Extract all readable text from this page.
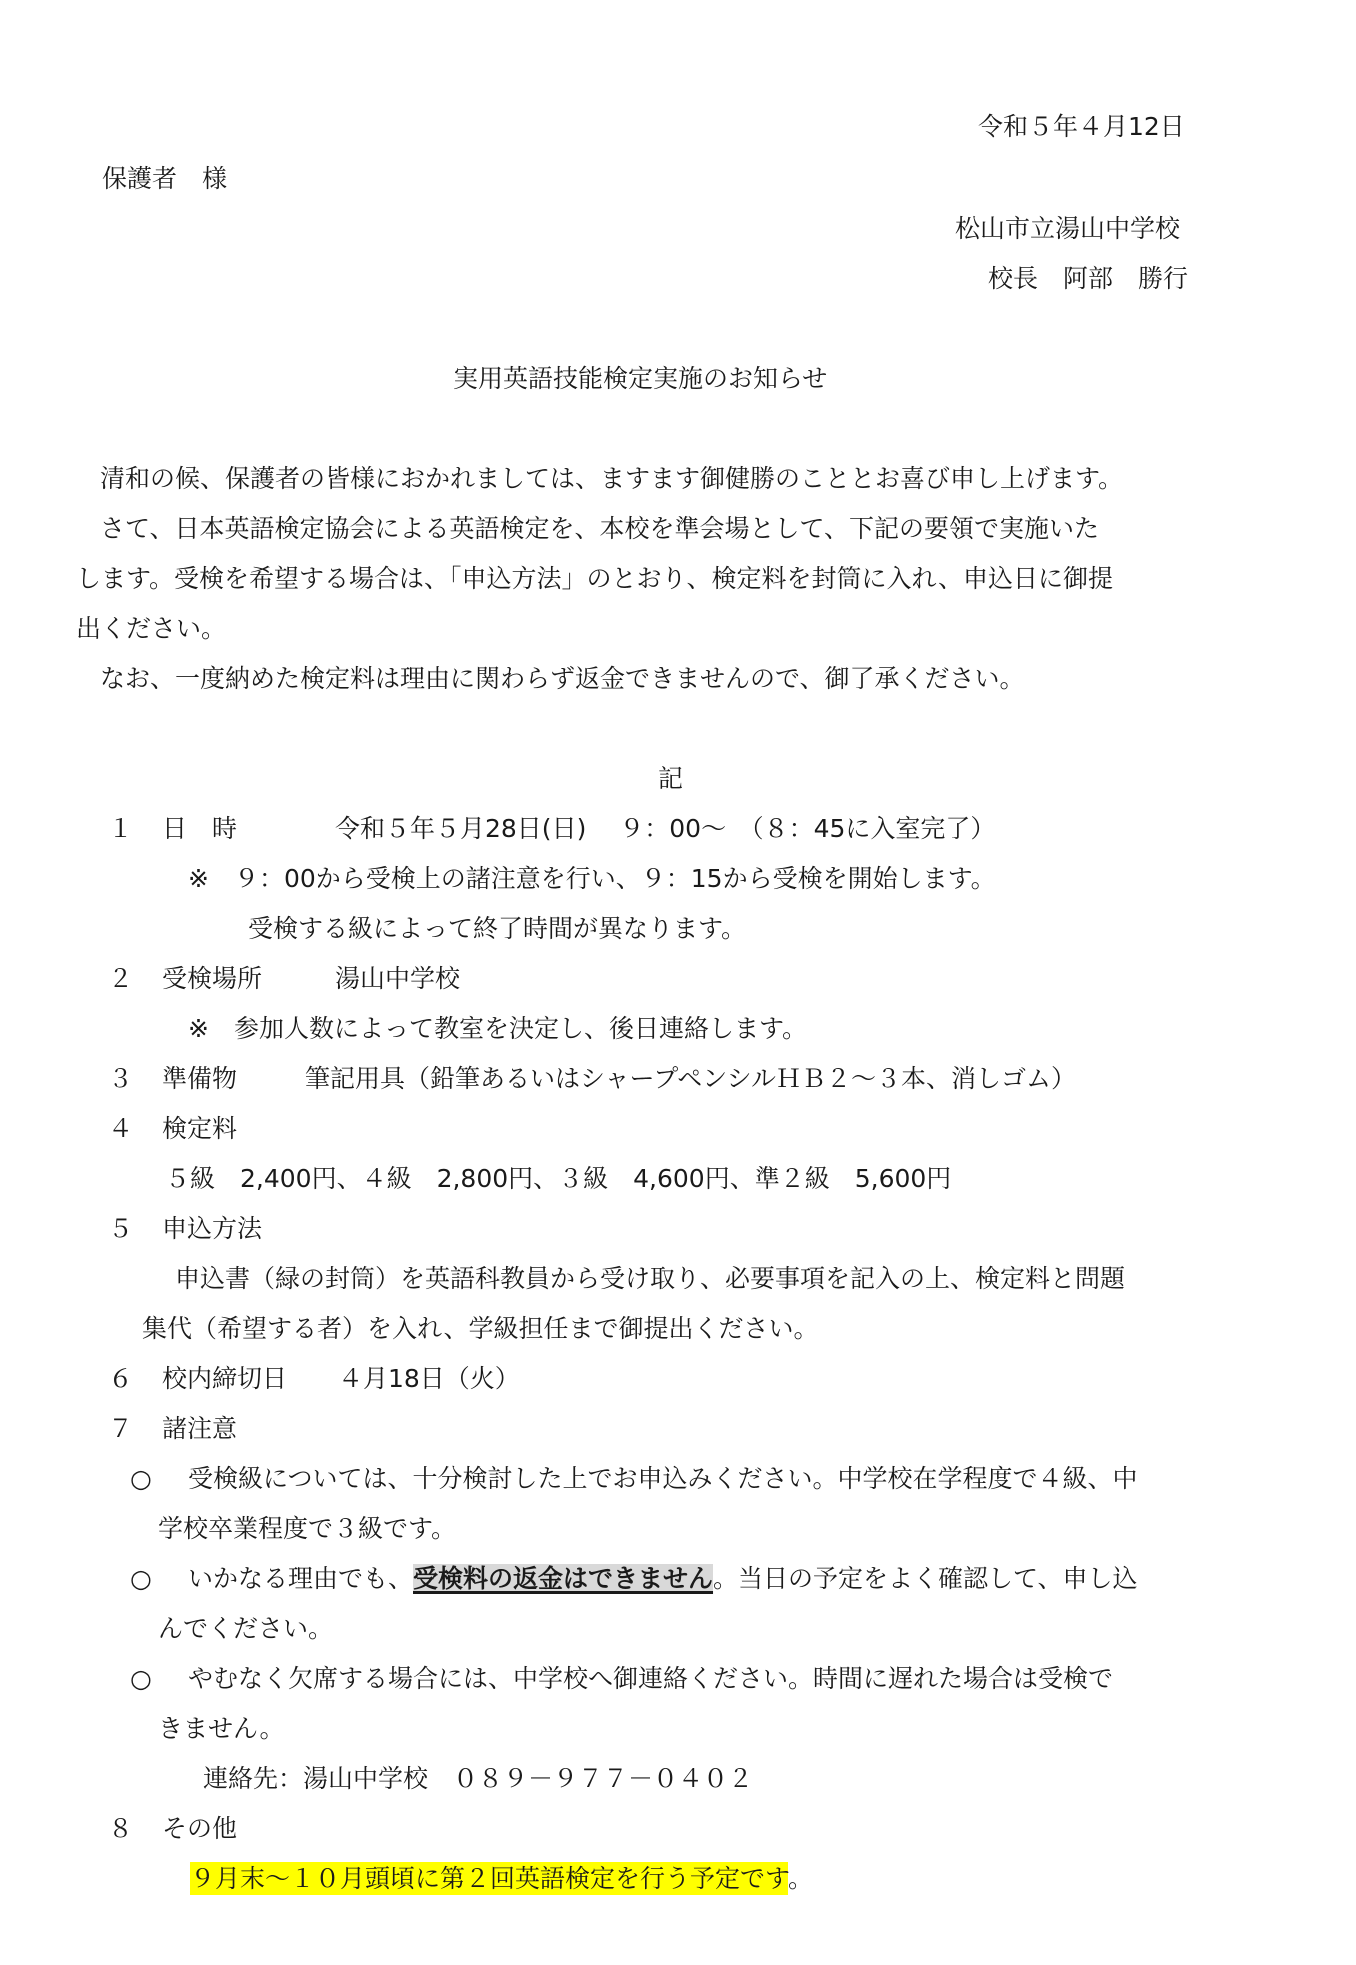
令和５年４月12日

保護者　様

松山市立湯山中学校

校長　阿部　勝行

実用英語技能検定実施のお知らせ

清和の候、保護者の皆様におかれましては、ますます御健勝のこととお喜び申し上げます。

さて、日本英語検定協会による英語検定を、本校を準会場として、下記の要領で実施いた

します。受検を希望する場合は、「申込方法」のとおり、検定料を封筒に入れ、申込日に御提

出ください。

なお、一度納めた検定料は理由に関わらず返金できませんので、御了承ください。

記

１ 日　時	令和５年５月28日(日)　 ９：00～　（８：45に入室完了）

※　９：00から受検上の諸注意を行い、９：15から受検を開始します。

受検する級によって終了時間が異なります。

２ 受検場所	湯山中学校

※　参加人数によって教室を決定し、後日連絡します。

３ 準備物	筆記用具（鉛筆あるいはシャープペンシルＨＢ２～３本、消しゴム）

４ 検定料

５級　2,400円、４級　2,800円、３級　4,600円、準２級　5,600円

５ 申込方法

申込書（緑の封筒）を英語科教員から受け取り、必要事項を記入の上、検定料と問題

集代（希望する者）を入れ、学級担任まで御提出ください。

６ 校内締切日 ４月18日（火）

７ 諸注意

○ 受検級については、十分検討した上でお申込みください。中学校在学程度で４級、中

学校卒業程度で３級です。

○ いかなる理由でも、受検料の返金はできません。当日の予定をよく確認して、申し込

んでください。

○ やむなく欠席する場合には、中学校へ御連絡ください。時間に遅れた場合は受検で

きません。

連絡先：湯山中学校　０８９－９７７－０４０２

８ その他

９月末～１０月頭頃に第２回英語検定を行う予定です。
